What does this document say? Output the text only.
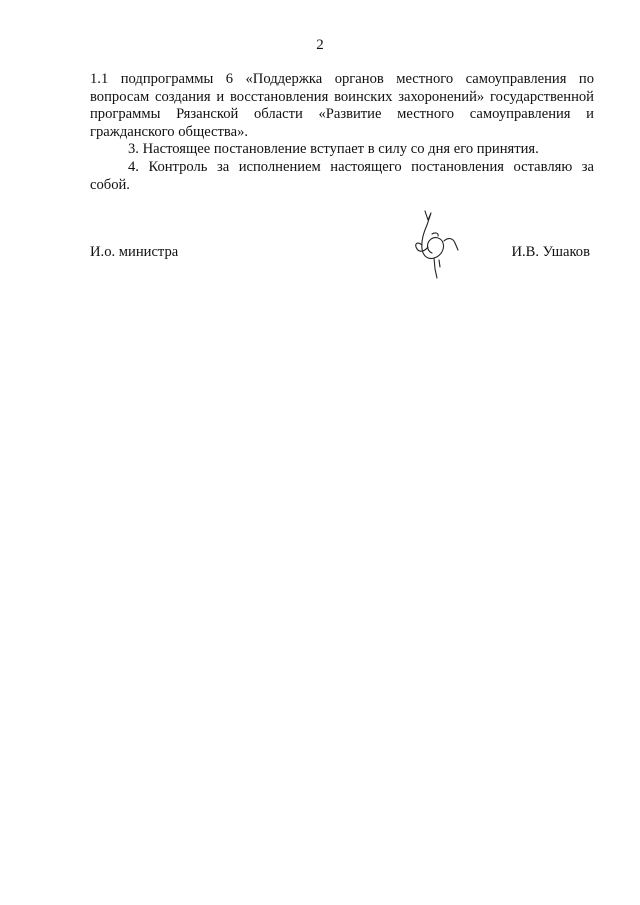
2

1.1 подпрограммы 6 «Поддержка органов местного самоуправления по вопросам создания и восстановления воинских захоронений» государственной программы Рязанской области «Развитие местного самоуправления и гражданского общества».

3. Настоящее постановление вступает в силу со дня его принятия.

4. Контроль за исполнением настоящего постановления оставляю за собой.

И.о. министра	И.В. Ушаков
